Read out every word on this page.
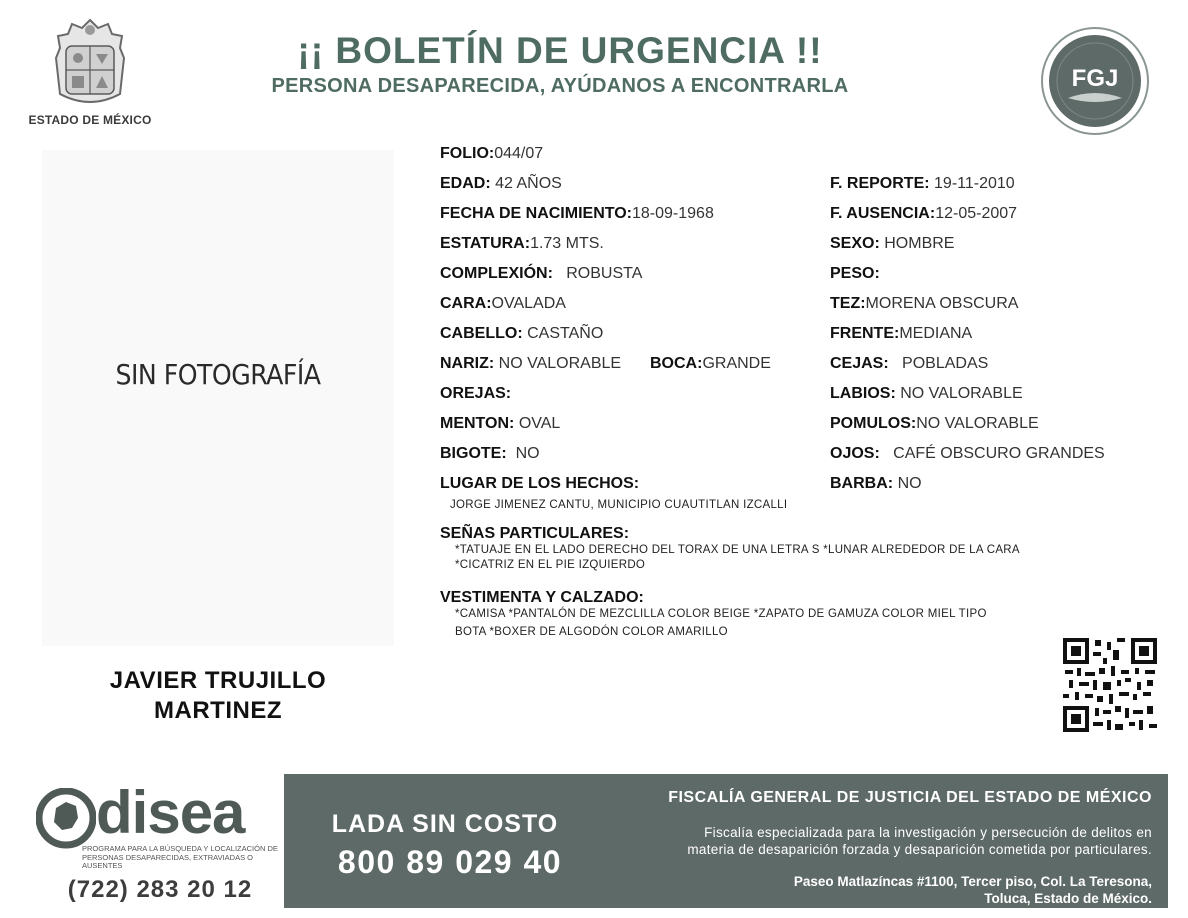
ESTADO DE MÉXICO
¡¡ BOLETÍN DE URGENCIA !!
PERSONA DESAPARECIDA, AYÚDANOS A ENCONTRARLA	FGJ
SIN FOTOGRAFÍA
JAVIER TRUJILLO
MARTINEZ
FOLIO:044/07
EDAD: 42 AÑOS	F. REPORTE: 19-11-2010
FECHA DE NACIMIENTO:18-09-1968	F. AUSENCIA:12-05-2007
ESTATURA:1.73 MTS.	SEXO: HOMBRE
COMPLEXIÓN: ROBUSTA	PESO:
CARA:OVALADA	TEZ:MORENA OBSCURA
CABELLO: CASTAÑO	FRENTE:MEDIANA
NARIZ: NO VALORABLE BOCA:GRANDE	CEJAS: POBLADAS
OREJAS:	LABIOS: NO VALORABLE
MENTON: OVAL	POMULOS:NO VALORABLE
BIGOTE: NO	OJOS: CAFÉ OBSCURO GRANDES
LUGAR DE LOS HECHOS:	BARBA: NO
JORGE JIMENEZ CANTU, MUNICIPIO CUAUTITLAN IZCALLI
SEÑAS PARTICULARES:
*TATUAJE EN EL LADO DERECHO DEL TORAX DE UNA LETRA S *LUNAR ALREDEDOR DE LA CARA
*CICATRIZ EN EL PIE IZQUIERDO
VESTIMENTA Y CALZADO:
*CAMISA *PANTALÓN DE MEZCLILLA COLOR BEIGE *ZAPATO DE GAMUZA COLOR MIEL TIPO
BOTA *BOXER DE ALGODÓN COLOR AMARILLO
disea
PROGRAMA PARA LA BÚSQUEDA Y LOCALIZACIÓN DE PERSONAS DESAPARECIDAS, EXTRAVIADAS O AUSENTES
(722) 283 20 12
LADA SIN COSTO
800 89 029 40
FISCALÍA GENERAL DE JUSTICIA DEL ESTADO DE MÉXICO
Fiscalía especializada para la investigación y persecución de delitos en
materia de desaparición forzada y desaparición cometida por particulares.
Paseo Matlazíncas #1100, Tercer piso, Col. La Teresona,
Toluca, Estado de México.
